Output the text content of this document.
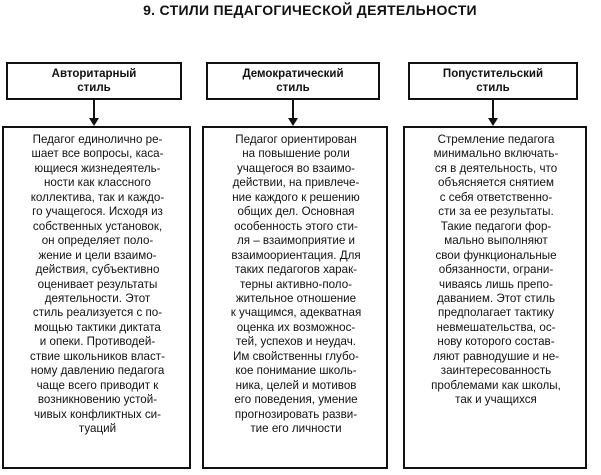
9. СТИЛИ ПЕДАГОГИЧЕСКОЙ ДЕЯТЕЛЬНОСТИ
Авторитарный
стиль
Педагог единолично ре-
шает все вопросы, каса-
ющиеся жизнедеятель-
ности как классного
коллектива, так и каждо-
го учащегося. Исходя из
собственных установок,
он определяет поло-
жение и цели взаимо-
действия, субъективно
оценивает результаты
деятельности. Этот
стиль реализуется с по-
мощью тактики диктата
и опеки. Противодей-
ствие школьников власт-
ному давлению педагога
чаще всего приводит к
возникновению устой-
чивых конфликтных си-
туаций
Демократический
стиль
Педагог ориентирован
на повышение роли
учащегося во взаимо-
действии, на привлече-
ние каждого к решению
общих дел. Основная
особенность этого сти-
ля – взаимоприятие и
взаимоориентация. Для
таких педагогов харак-
терны активно-поло-
жительное отношение
к учащимся, адекватная
оценка их возможнос-
тей, успехов и неудач.
Им свойственны глубо-
кое понимание школь-
ника, целей и мотивов
его поведения, умение
прогнозировать разви-
тие его личности
Попустительский
стиль
Стремление педагога
минимально включать-
ся в деятельность, что
объясняется снятием
с себя ответственно-
сти за ее результаты.
Такие педагоги фор-
мально выполняют
свои функциональные
обязанности, ограни-
чиваясь лишь препо-
даванием. Этот стиль
предполагает тактику
невмешательства, ос-
нову которого состав-
ляют равнодушие и не-
заинтересованность
проблемами как школы,
так и учащихся
